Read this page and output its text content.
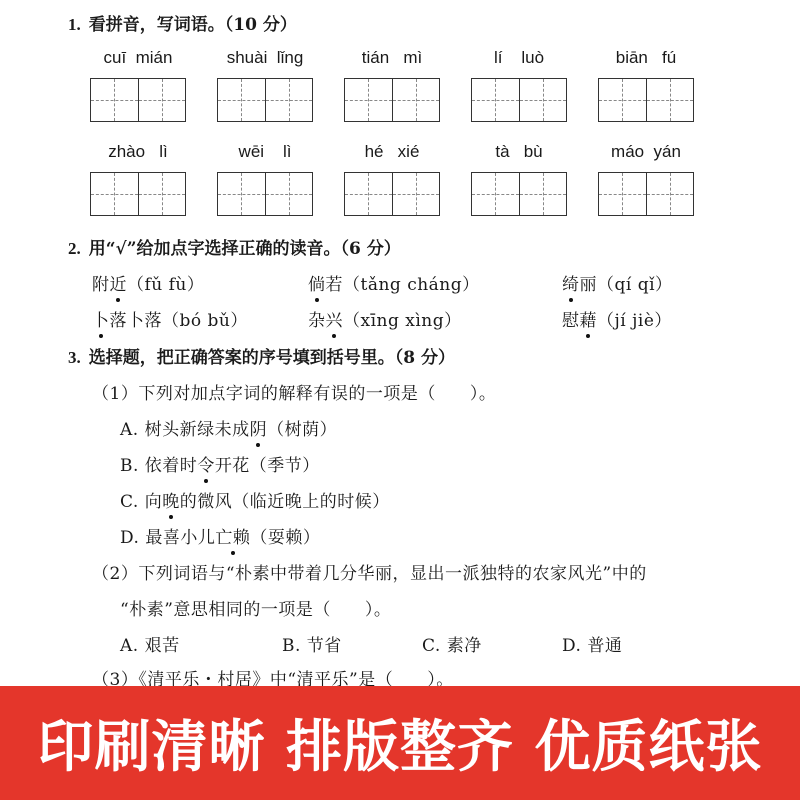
1. 看拼音，写词语。（10 分）
cuī  mián	shuài  lǐng	tián   mì	lí    luò	biān   fú
zhào   lì	wēi    lì	hé   xié	tà   bù	máo  yán
2. 用“√”给加点字选择正确的读音。（6 分）
附近（fǔ fù）	倘若（tǎng cháng）	绮丽（qí qǐ）
卜落卜落（bó bǔ）	杂兴（xīng xìng）	慰藉（jí jiè）
3. 选择题，把正确答案的序号填到括号里。（8 分）
（1）下列对加点字词的解释有误的一项是（ ）。
A. 树头新绿未成阴（树荫）
B. 依着时令开花（季节）
C. 向晚的微风（临近晚上的时候）
D. 最喜小儿亡赖（耍赖）
（2）下列词语与“朴素中带着几分华丽，显出一派独特的农家风光”中的
“朴素”意思相同的一项是（ ）。
A. 艰苦	B. 节省	C. 素净	D. 普通
（3）《清平乐・村居》中“清平乐”是（ ）。
印刷清晰 排版整齐 优质纸张
